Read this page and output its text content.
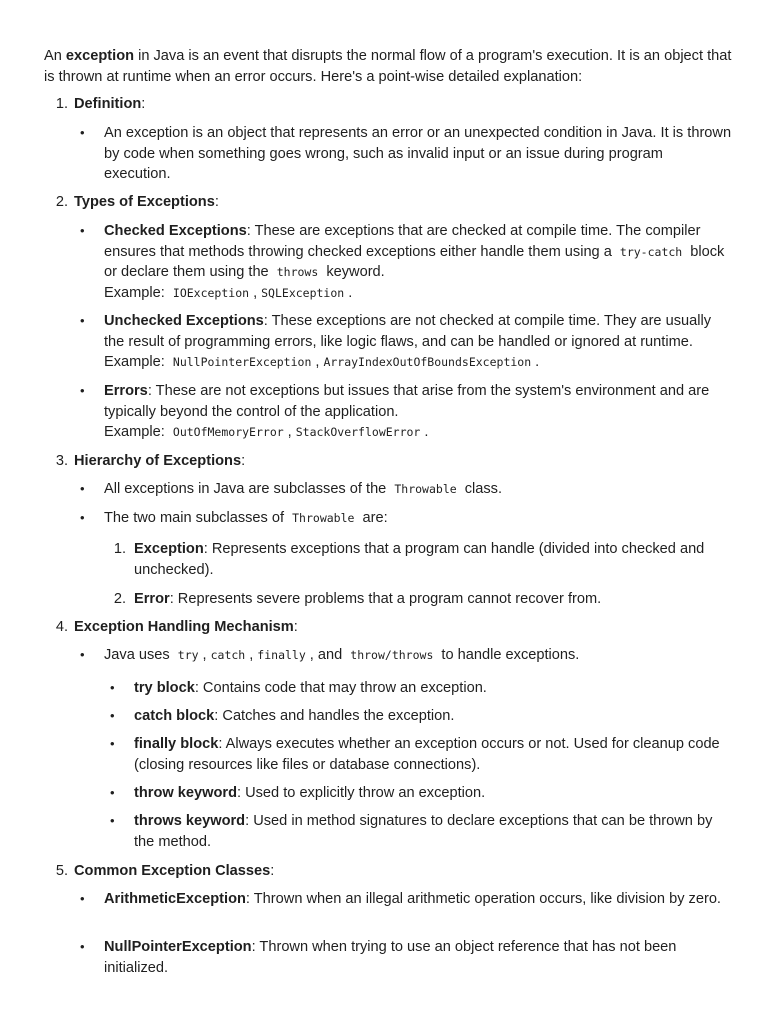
An exception in Java is an event that disrupts the normal flow of a program's execution. It is an object that is thrown at runtime when an error occurs. Here's a point-wise detailed explanation:

1. Definition:
• An exception is an object that represents an error or an unexpected condition in Java. It is thrown by code when something goes wrong, such as invalid input or an issue during program execution.

2. Types of Exceptions:
• Checked Exceptions: These are exceptions that are checked at compile time. The compiler ensures that methods throwing checked exceptions either handle them using a try-catch block or declare them using the throws keyword.
Example: IOException , SQLException .

• Unchecked Exceptions: These exceptions are not checked at compile time. They are usually the result of programming errors, like logic flaws, and can be handled or ignored at runtime.
Example: NullPointerException , ArrayIndexOutOfBoundsException .

• Errors: These are not exceptions but issues that arise from the system's environment and are typically beyond the control of the application.
Example: OutOfMemoryError , StackOverflowError .

3. Hierarchy of Exceptions:
• All exceptions in Java are subclasses of the Throwable class.

• The two main subclasses of Throwable are:

1. Exception: Represents exceptions that a program can handle (divided into checked and unchecked).

2. Error: Represents severe problems that a program cannot recover from.

4. Exception Handling Mechanism:
• Java uses try , catch , finally , and throw/throws to handle exceptions.

• try block: Contains code that may throw an exception.

• catch block: Catches and handles the exception.

• finally block: Always executes whether an exception occurs or not. Used for cleanup code (closing resources like files or database connections).

• throw keyword: Used to explicitly throw an exception.

• throws keyword: Used in method signatures to declare exceptions that can be thrown by the method.

5. Common Exception Classes:
• ArithmeticException: Thrown when an illegal arithmetic operation occurs, like division by zero.

• NullPointerException: Thrown when trying to use an object reference that has not been initialized.
